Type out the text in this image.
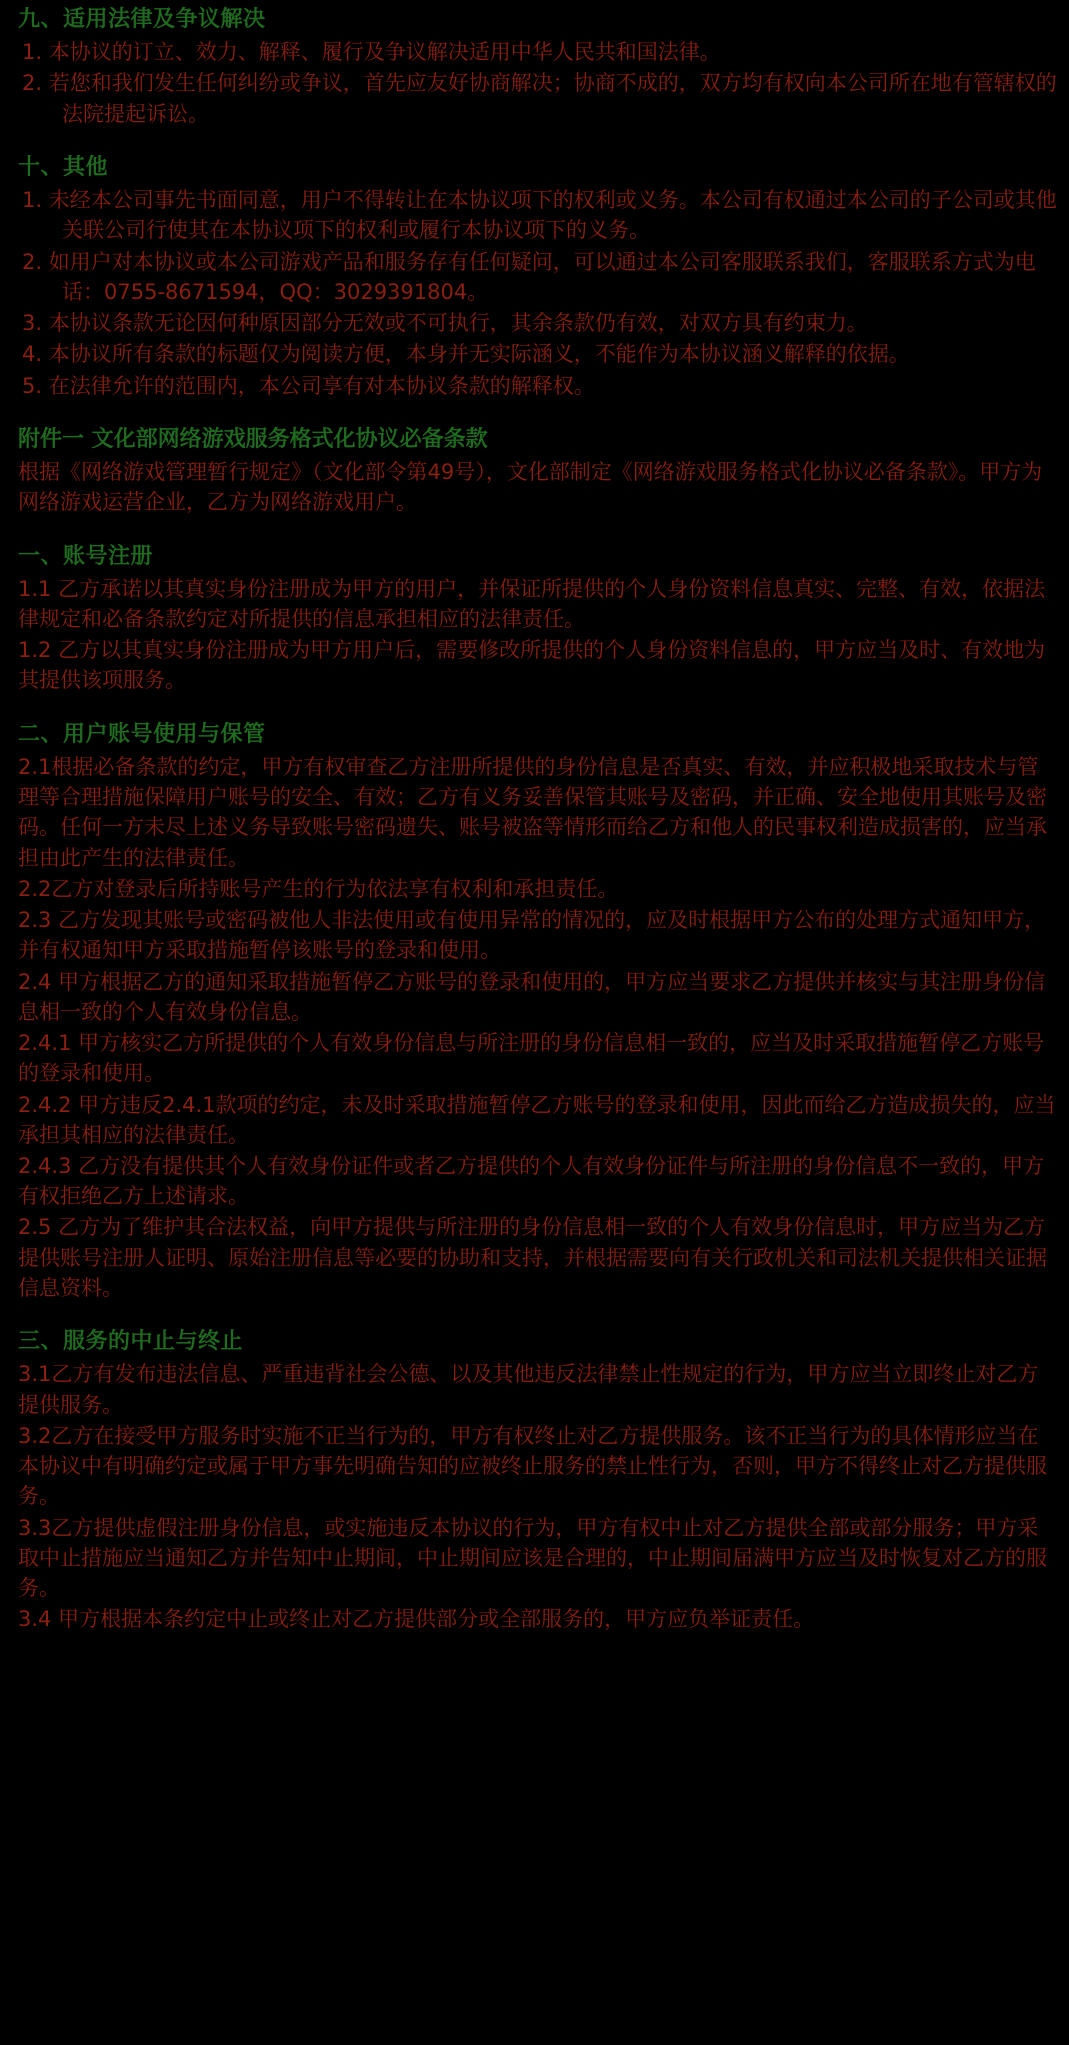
九、适用法律及争议解决
1. 本协议的订立、效力、解释、履行及争议解决适用中华人民共和国法律。
2. 若您和我们发生任何纠纷或争议，首先应友好协商解决；协商不成的，双方均有权向本公司所在地有管辖权的法院提起诉讼。
十、其他
1. 未经本公司事先书面同意，用户不得转让在本协议项下的权利或义务。本公司有权通过本公司的子公司或其他关联公司行使其在本协议项下的权利或履行本协议项下的义务。
2. 如用户对本协议或本公司游戏产品和服务存有任何疑问，可以通过本公司客服联系我们，客服联系方式为电话：0755-8671594，QQ：3029391804。
3. 本协议条款无论因何种原因部分无效或不可执行，其余条款仍有效，对双方具有约束力。
4. 本协议所有条款的标题仅为阅读方便，本身并无实际涵义，不能作为本协议涵义解释的依据。
5. 在法律允许的范围内，本公司享有对本协议条款的解释权。
附件一 文化部网络游戏服务格式化协议必备条款
根据《网络游戏管理暂行规定》（文化部令第49号），文化部制定《网络游戏服务格式化协议必备条款》。甲方为网络游戏运营企业，乙方为网络游戏用户。
一、账号注册
1.1 乙方承诺以其真实身份注册成为甲方的用户，并保证所提供的个人身份资料信息真实、完整、有效，依据法律规定和必备条款约定对所提供的信息承担相应的法律责任。
1.2 乙方以其真实身份注册成为甲方用户后，需要修改所提供的个人身份资料信息的，甲方应当及时、有效地为其提供该项服务。
二、用户账号使用与保管
2.1根据必备条款的约定，甲方有权审查乙方注册所提供的身份信息是否真实、有效，并应积极地采取技术与管理等合理措施保障用户账号的安全、有效；乙方有义务妥善保管其账号及密码，并正确、安全地使用其账号及密码。任何一方未尽上述义务导致账号密码遗失、账号被盗等情形而给乙方和他人的民事权利造成损害的，应当承担由此产生的法律责任。
2.2乙方对登录后所持账号产生的行为依法享有权利和承担责任。
2.3 乙方发现其账号或密码被他人非法使用或有使用异常的情况的，应及时根据甲方公布的处理方式通知甲方，并有权通知甲方采取措施暂停该账号的登录和使用。
2.4 甲方根据乙方的通知采取措施暂停乙方账号的登录和使用的，甲方应当要求乙方提供并核实与其注册身份信息相一致的个人有效身份信息。
2.4.1 甲方核实乙方所提供的个人有效身份信息与所注册的身份信息相一致的，应当及时采取措施暂停乙方账号的登录和使用。
2.4.2 甲方违反2.4.1款项的约定，未及时采取措施暂停乙方账号的登录和使用，因此而给乙方造成损失的，应当承担其相应的法律责任。
2.4.3 乙方没有提供其个人有效身份证件或者乙方提供的个人有效身份证件与所注册的身份信息不一致的，甲方有权拒绝乙方上述请求。
2.5 乙方为了维护其合法权益，向甲方提供与所注册的身份信息相一致的个人有效身份信息时，甲方应当为乙方提供账号注册人证明、原始注册信息等必要的协助和支持，并根据需要向有关行政机关和司法机关提供相关证据信息资料。
三、服务的中止与终止
3.1乙方有发布违法信息、严重违背社会公德、以及其他违反法律禁止性规定的行为，甲方应当立即终止对乙方提供服务。
3.2乙方在接受甲方服务时实施不正当行为的，甲方有权终止对乙方提供服务。该不正当行为的具体情形应当在本协议中有明确约定或属于甲方事先明确告知的应被终止服务的禁止性行为，否则，甲方不得终止对乙方提供服务。
3.3乙方提供虚假注册身份信息，或实施违反本协议的行为，甲方有权中止对乙方提供全部或部分服务；甲方采取中止措施应当通知乙方并告知中止期间，中止期间应该是合理的，中止期间届满甲方应当及时恢复对乙方的服务。
3.4 甲方根据本条约定中止或终止对乙方提供部分或全部服务的，甲方应负举证责任。
